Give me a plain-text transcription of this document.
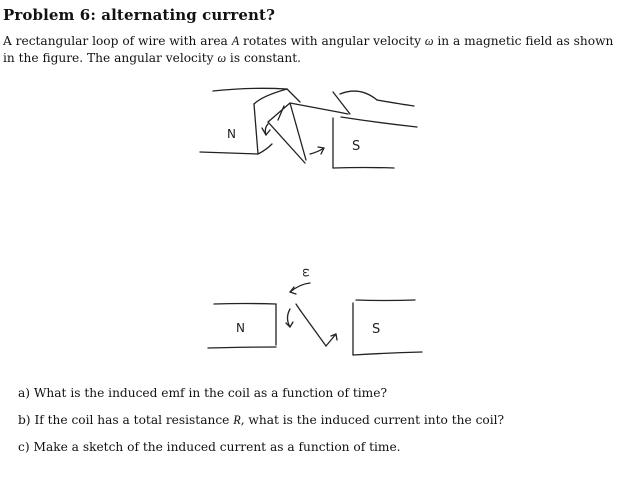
Problem 6: alternating current?
A rectangular loop of wire with area A rotates with angular velocity ω in a magnetic field as shown in the figure. The angular velocity ω is constant.
N
S
N	S
ω
a) What is the induced emf in the coil as a function of time?
b) If the coil has a total resistance R, what is the induced current into the coil?
c) Make a sketch of the induced current as a function of time.
